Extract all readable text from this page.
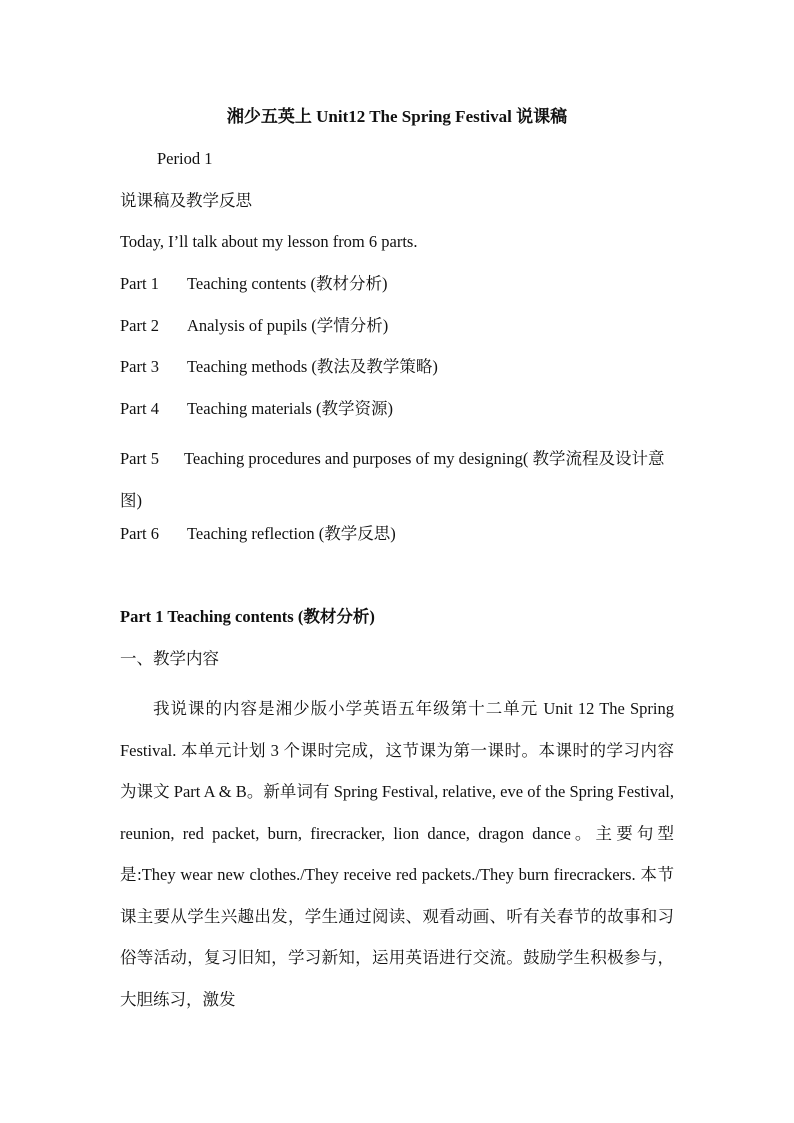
湘少五英上 Unit12 The Spring Festival 说课稿
Period 1
说课稿及教学反思
Today, I’ll talk about my lesson from 6 parts.
Part 1 Teaching contents (教材分析)
Part 2 Analysis of pupils (学情分析)
Part 3 Teaching methods (教法及教学策略)
Part 4 Teaching materials (教学资源)
Part 5 Teaching procedures and purposes of my designing( 教学流程及设计意图)
Part 6 Teaching reflection (教学反思)
Part 1 Teaching contents (教材分析)
一、教学内容
我说课的内容是湘少版小学英语五年级第十二单元 Unit 12 The Spring Festival. 本单元计划 3 个课时完成，这节课为第一课时。本课时的学习内容为课文 Part A & B。新单词有 Spring Festival, relative, eve of the Spring Festival, reunion, red packet, burn, firecracker, lion dance, dragon dance。主要句型是:They wear new clothes./They receive red packets./They burn firecrackers. 本节课主要从学生兴趣出发，学生通过阅读、观看动画、听有关春节的故事和习俗等活动，复习旧知，学习新知，运用英语进行交流。鼓励学生积极参与，大胆练习，激发
